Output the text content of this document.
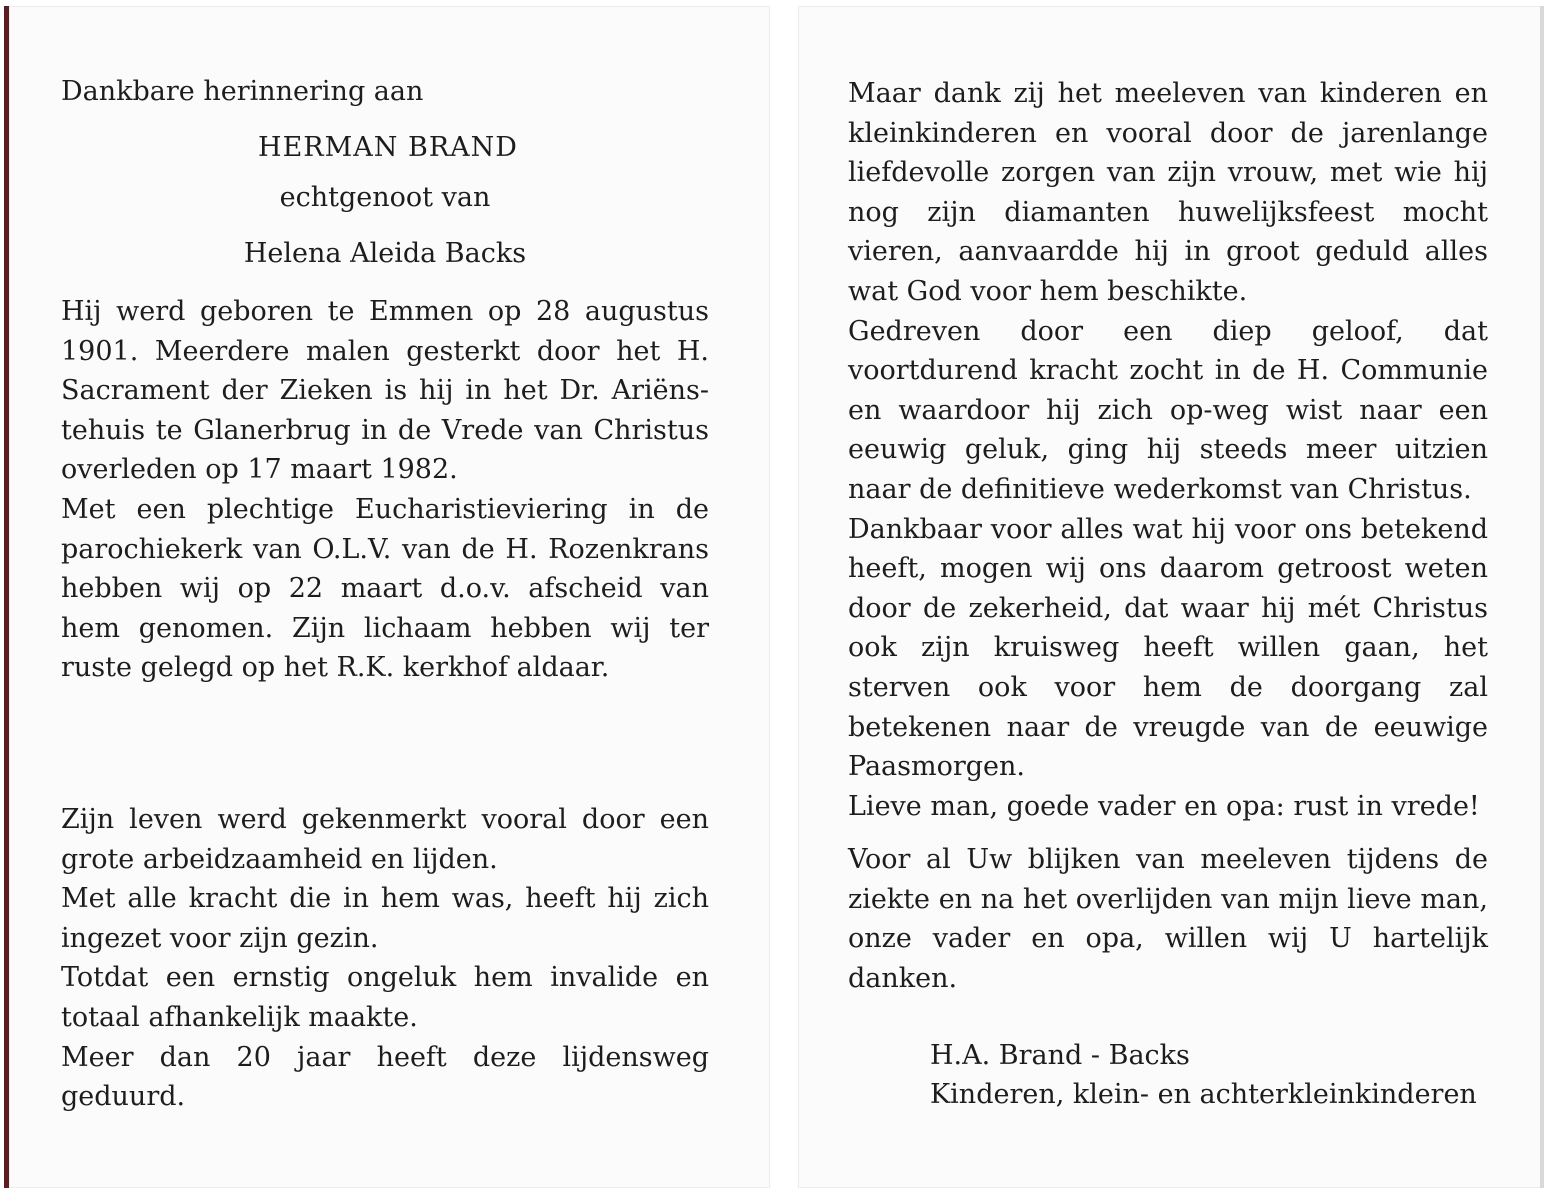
Dankbare herinnering aan

HERMAN BRAND

echtgenoot van

Helena Aleida Backs

Hij werd geboren te Emmen op 28 augustus 1901. Meerdere malen gesterkt door het H. Sacrament der Zieken is hij in het Dr. Ariëns-tehuis te Glanerbrug in de Vrede van Christus overleden op 17 maart 1982.

Met een plechtige Eucharistieviering in de parochiekerk van O.L.V. van de H. Rozenkrans hebben wij op 22 maart d.o.v. afscheid van hem genomen. Zijn lichaam hebben wij ter ruste gelegd op het R.K. kerkhof aldaar.

Zijn leven werd gekenmerkt vooral door een grote arbeidzaamheid en lijden.

Met alle kracht die in hem was, heeft hij zich ingezet voor zijn gezin.

Totdat een ernstig ongeluk hem invalide en totaal afhankelijk maakte.

Meer dan 20 jaar heeft deze lijdensweg geduurd.

Maar dank zij het meeleven van kinderen en kleinkinderen en vooral door de jarenlange liefdevolle zorgen van zijn vrouw, met wie hij nog zijn diamanten huwelijksfeest mocht vieren, aanvaardde hij in groot geduld alles wat God voor hem beschikte.

Gedreven door een diep geloof, dat voortdurend kracht zocht in de H. Communie en waardoor hij zich op-weg wist naar een eeuwig geluk, ging hij steeds meer uitzien naar de definitieve wederkomst van Christus.

Dankbaar voor alles wat hij voor ons betekend heeft, mogen wij ons daarom getroost weten door de zekerheid, dat waar hij mét Christus ook zijn kruisweg heeft willen gaan, het sterven ook voor hem de doorgang zal betekenen naar de vreugde van de eeuwige Paasmorgen.

Lieve man, goede vader en opa: rust in vrede!

Voor al Uw blijken van meeleven tijdens de ziekte en na het overlijden van mijn lieve man, onze vader en opa, willen wij U hartelijk danken.

H.A. Brand - Backs
Kinderen, klein- en achterkleinkinderen
